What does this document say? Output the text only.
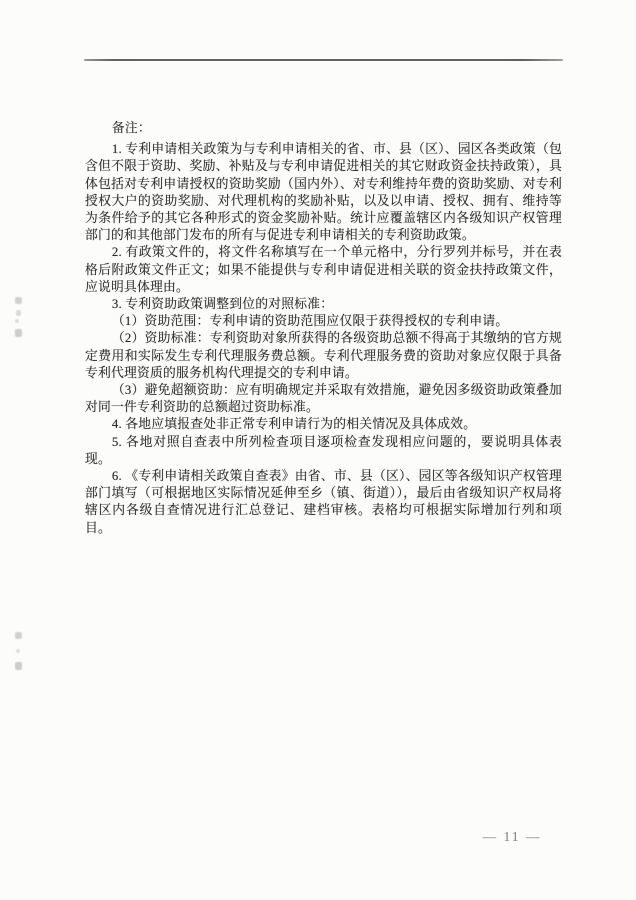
备注：

1. 专利申请相关政策为与专利申请相关的省、市、县（区）、园区各类政策（包含但不限于资助、奖励、补贴及与专利申请促进相关的其它财政资金扶持政策），具体包括对专利申请授权的资助奖励（国内外）、对专利维持年费的资助奖励、对专利授权大户的资助奖励、对代理机构的奖励补贴，以及以申请、授权、拥有、维持等为条件给予的其它各种形式的资金奖励补贴。统计应覆盖辖区内各级知识产权管理部门的和其他部门发布的所有与促进专利申请相关的专利资助政策。

2. 有政策文件的，将文件名称填写在一个单元格中，分行罗列并标号，并在表格后附政策文件正文；如果不能提供与专利申请促进相关联的资金扶持政策文件，应说明具体理由。

3. 专利资助政策调整到位的对照标准：

（1）资助范围：专利申请的资助范围应仅限于获得授权的专利申请。

（2）资助标准：专利资助对象所获得的各级资助总额不得高于其缴纳的官方规定费用和实际发生专利代理服务费总额。专利代理服务费的资助对象应仅限于具备专利代理资质的服务机构代理提交的专利申请。

（3）避免超额资助：应有明确规定并采取有效措施，避免因多级资助政策叠加对同一件专利资助的总额超过资助标准。

4. 各地应填报查处非正常专利申请行为的相关情况及具体成效。

5. 各地对照自查表中所列检查项目逐项检查发现相应问题的，要说明具体表现。

6. 《专利申请相关政策自查表》由省、市、县（区）、园区等各级知识产权管理部门填写（可根据地区实际情况延伸至乡（镇、街道）），最后由省级知识产权局将辖区内各级自查情况进行汇总登记、建档审核。表格均可根据实际增加行列和项目。

— 11 —
